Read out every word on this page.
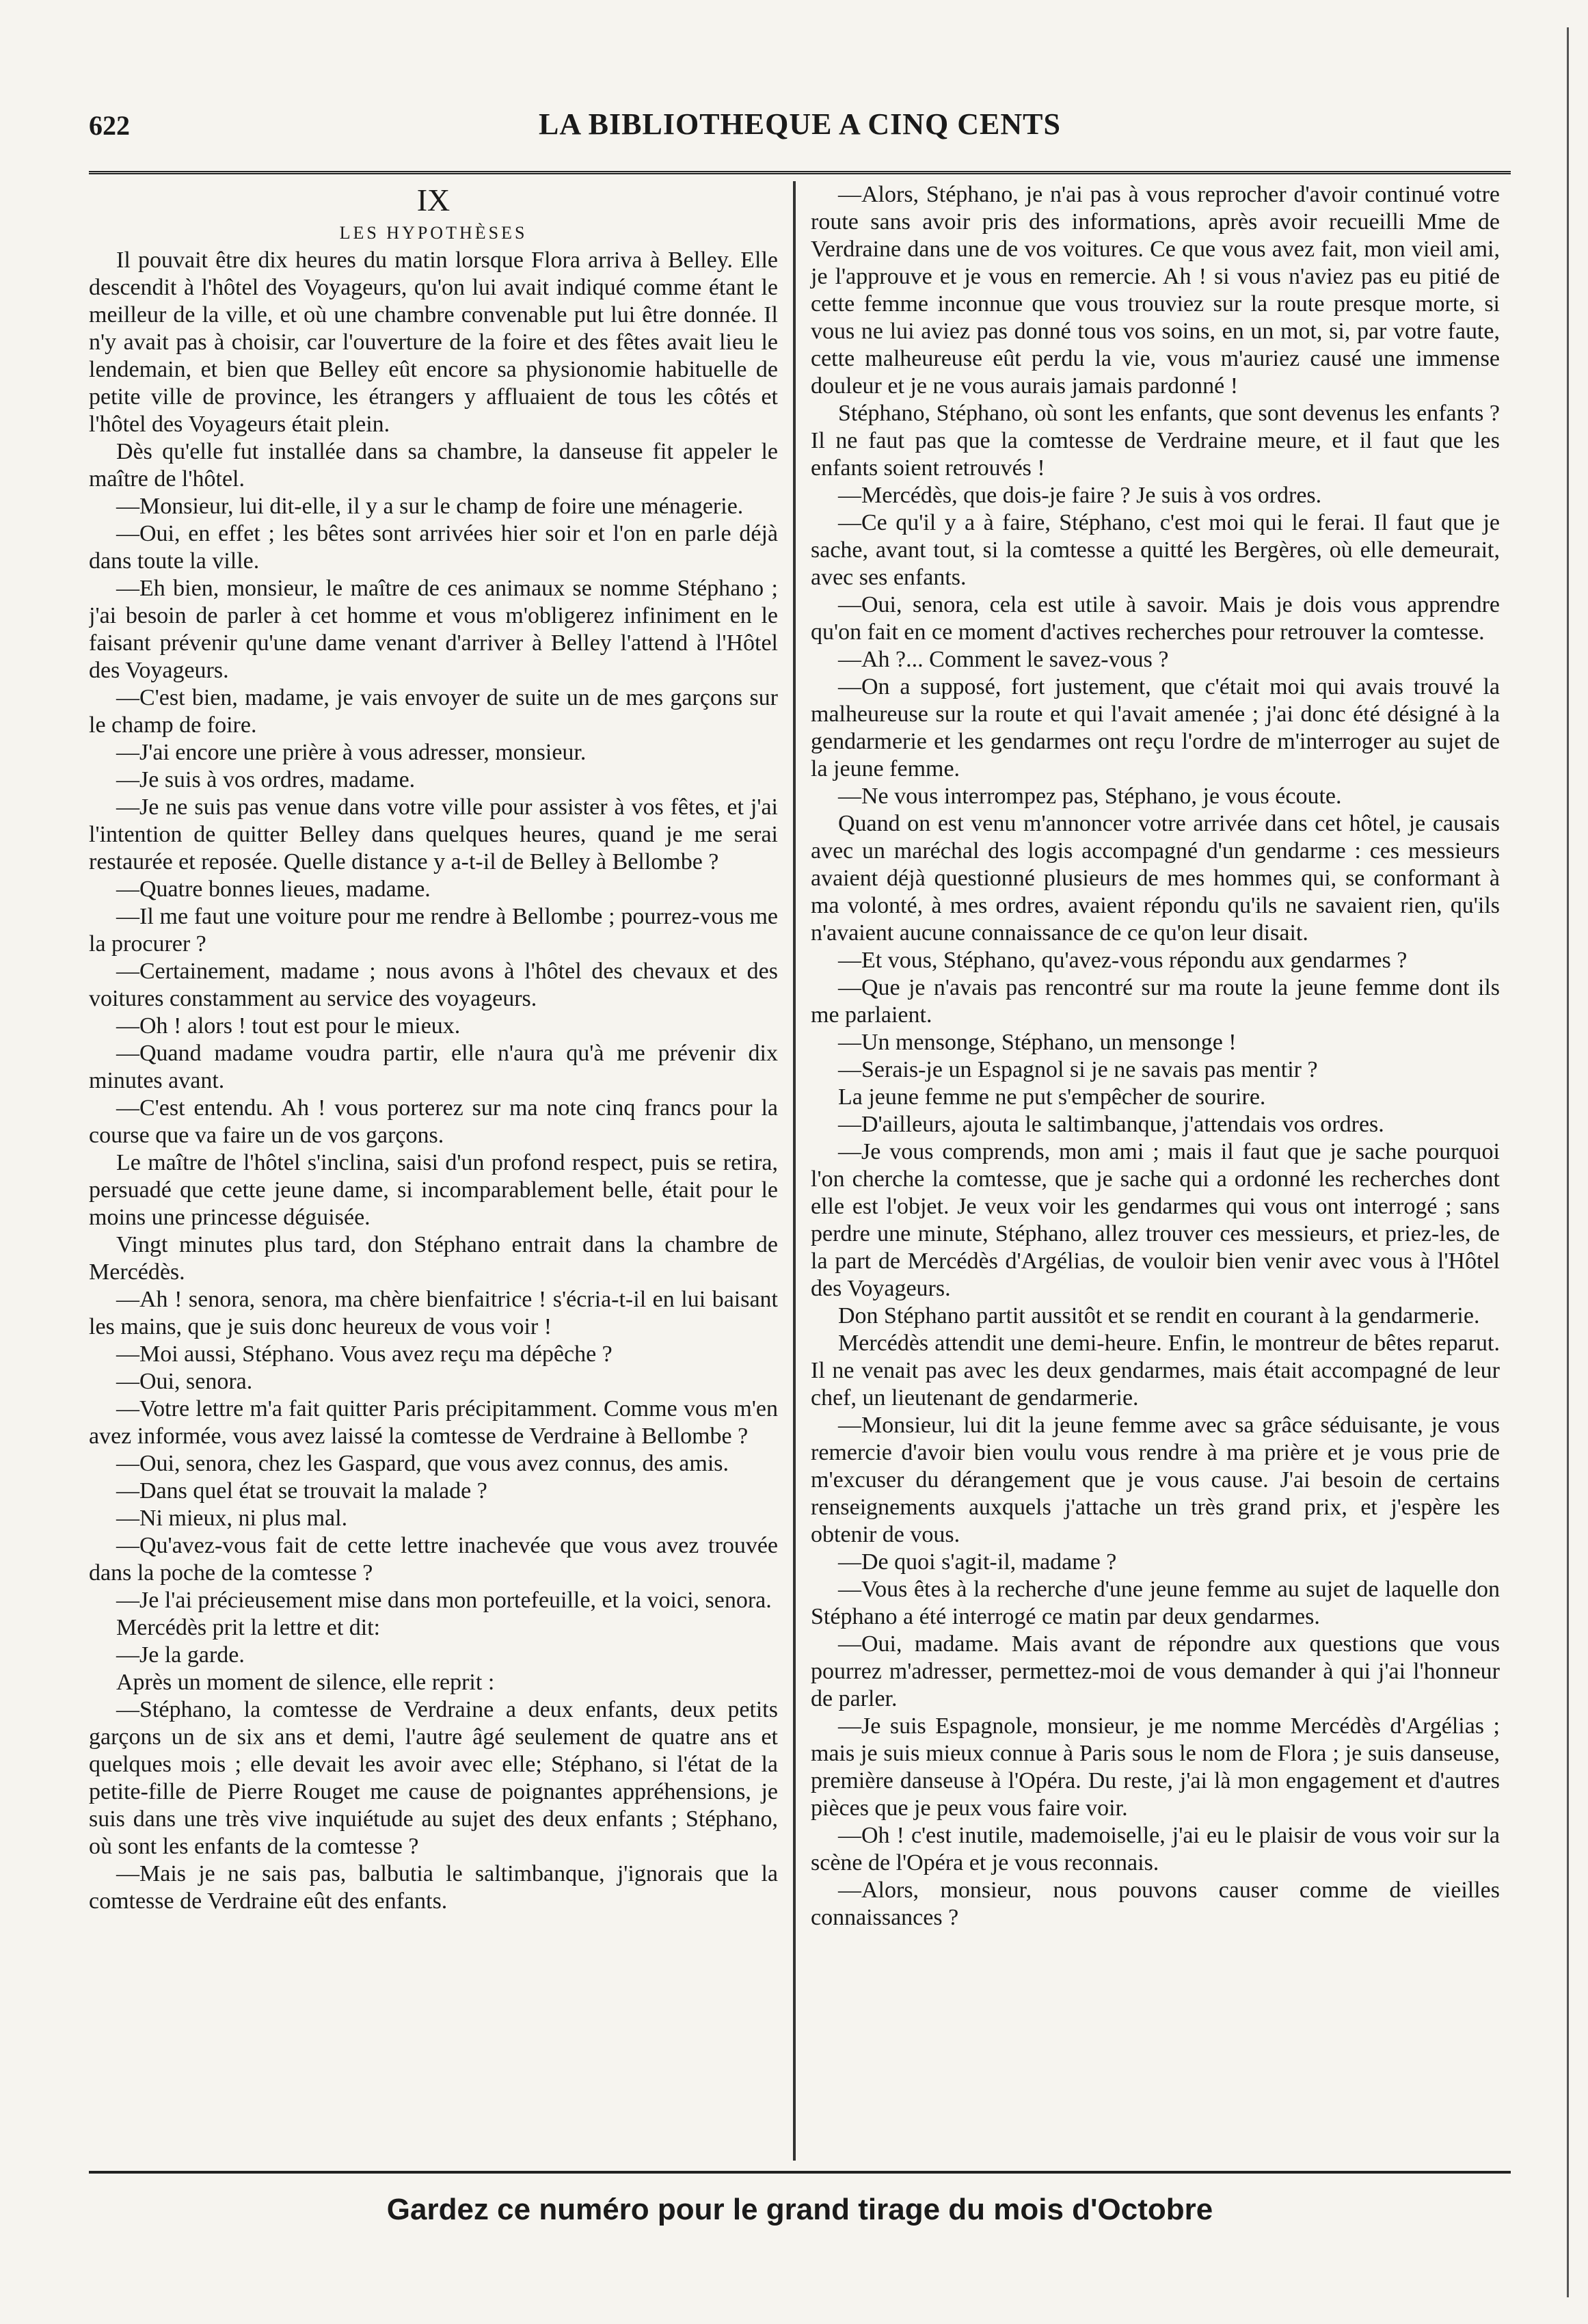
622	LA BIBLIOTHEQUE A CINQ CENTS

IX

LES HYPOTHÈSES

Il pouvait être dix heures du matin lorsque Flora arriva à Belley. Elle descendit à l'hôtel des Voyageurs, qu'on lui avait indiqué comme étant le meilleur de la ville, et où une chambre convenable put lui être donnée. Il n'y avait pas à choisir, car l'ouverture de la foire et des fêtes avait lieu le lendemain, et bien que Belley eût encore sa physionomie habituelle de petite ville de province, les étrangers y affluaient de tous les côtés et l'hôtel des Voyageurs était plein.

Dès qu'elle fut installée dans sa chambre, la danseuse fit appeler le maître de l'hôtel.

—Monsieur, lui dit-elle, il y a sur le champ de foire une ménagerie.

—Oui, en effet ; les bêtes sont arrivées hier soir et l'on en parle déjà dans toute la ville.

—Eh bien, monsieur, le maître de ces animaux se nomme Stéphano ; j'ai besoin de parler à cet homme et vous m'obligerez infiniment en le faisant prévenir qu'une dame venant d'arriver à Belley l'attend à l'Hôtel des Voyageurs.

—C'est bien, madame, je vais envoyer de suite un de mes garçons sur le champ de foire.

—J'ai encore une prière à vous adresser, monsieur.

—Je suis à vos ordres, madame.

—Je ne suis pas venue dans votre ville pour assister à vos fêtes, et j'ai l'intention de quitter Belley dans quelques heures, quand je me serai restaurée et reposée. Quelle distance y a-t-il de Belley à Bellombe ?

—Quatre bonnes lieues, madame.

—Il me faut une voiture pour me rendre à Bellombe ; pourrez-vous me la procurer ?

—Certainement, madame ; nous avons à l'hôtel des chevaux et des voitures constamment au service des voyageurs.

—Oh ! alors ! tout est pour le mieux.

—Quand madame voudra partir, elle n'aura qu'à me prévenir dix minutes avant.

—C'est entendu. Ah ! vous porterez sur ma note cinq francs pour la course que va faire un de vos garçons.

Le maître de l'hôtel s'inclina, saisi d'un profond respect, puis se retira, persuadé que cette jeune dame, si incomparablement belle, était pour le moins une princesse déguisée.

Vingt minutes plus tard, don Stéphano entrait dans la chambre de Mercédès.

—Ah ! senora, senora, ma chère bienfaitrice ! s'écria-t-il en lui baisant les mains, que je suis donc heureux de vous voir !

—Moi aussi, Stéphano. Vous avez reçu ma dépêche ?

—Oui, senora.

—Votre lettre m'a fait quitter Paris précipitamment. Comme vous m'en avez informée, vous avez laissé la comtesse de Verdraine à Bellombe ?

—Oui, senora, chez les Gaspard, que vous avez connus, des amis.

—Dans quel état se trouvait la malade ?

—Ni mieux, ni plus mal.

—Qu'avez-vous fait de cette lettre inachevée que vous avez trouvée dans la poche de la comtesse ?

—Je l'ai précieusement mise dans mon portefeuille, et la voici, senora.

Mercédès prit la lettre et dit:

—Je la garde.

Après un moment de silence, elle reprit :

—Stéphano, la comtesse de Verdraine a deux enfants, deux petits garçons un de six ans et demi, l'autre âgé seulement de quatre ans et quelques mois ; elle devait les avoir avec elle; Stéphano, si l'état de la petite-fille de Pierre Rouget me cause de poignantes appréhensions, je suis dans une très vive inquiétude au sujet des deux enfants ; Stéphano, où sont les enfants de la comtesse ?

—Mais je ne sais pas, balbutia le saltimbanque, j'ignorais que la comtesse de Verdraine eût des enfants.

—Alors, Stéphano, je n'ai pas à vous reprocher d'avoir continué votre route sans avoir pris des informations, après avoir recueilli Mme de Verdraine dans une de vos voitures. Ce que vous avez fait, mon vieil ami, je l'approuve et je vous en remercie. Ah ! si vous n'aviez pas eu pitié de cette femme inconnue que vous trouviez sur la route presque morte, si vous ne lui aviez pas donné tous vos soins, en un mot, si, par votre faute, cette malheureuse eût perdu la vie, vous m'auriez causé une immense douleur et je ne vous aurais jamais pardonné !

Stéphano, Stéphano, où sont les enfants, que sont devenus les enfants ? Il ne faut pas que la comtesse de Verdraine meure, et il faut que les enfants soient retrouvés !

—Mercédès, que dois-je faire ? Je suis à vos ordres.

—Ce qu'il y a à faire, Stéphano, c'est moi qui le ferai. Il faut que je sache, avant tout, si la comtesse a quitté les Bergères, où elle demeurait, avec ses enfants.

—Oui, senora, cela est utile à savoir. Mais je dois vous apprendre qu'on fait en ce moment d'actives recherches pour retrouver la comtesse.

—Ah ?... Comment le savez-vous ?

—On a supposé, fort justement, que c'était moi qui avais trouvé la malheureuse sur la route et qui l'avait amenée ; j'ai donc été désigné à la gendarmerie et les gendarmes ont reçu l'ordre de m'interroger au sujet de la jeune femme.

—Ne vous interrompez pas, Stéphano, je vous écoute.

Quand on est venu m'annoncer votre arrivée dans cet hôtel, je causais avec un maréchal des logis accompagné d'un gendarme : ces messieurs avaient déjà questionné plusieurs de mes hommes qui, se conformant à ma volonté, à mes ordres, avaient répondu qu'ils ne savaient rien, qu'ils n'avaient aucune connaissance de ce qu'on leur disait.

—Et vous, Stéphano, qu'avez-vous répondu aux gendarmes ?

—Que je n'avais pas rencontré sur ma route la jeune femme dont ils me parlaient.

—Un mensonge, Stéphano, un mensonge !

—Serais-je un Espagnol si je ne savais pas mentir ?

La jeune femme ne put s'empêcher de sourire.

—D'ailleurs, ajouta le saltimbanque, j'attendais vos ordres.

—Je vous comprends, mon ami ; mais il faut que je sache pourquoi l'on cherche la comtesse, que je sache qui a ordonné les recherches dont elle est l'objet. Je veux voir les gendarmes qui vous ont interrogé ; sans perdre une minute, Stéphano, allez trouver ces messieurs, et priez-les, de la part de Mercédès d'Argélias, de vouloir bien venir avec vous à l'Hôtel des Voyageurs.

Don Stéphano partit aussitôt et se rendit en courant à la gendarmerie.

Mercédès attendit une demi-heure. Enfin, le montreur de bêtes reparut. Il ne venait pas avec les deux gendarmes, mais était accompagné de leur chef, un lieutenant de gendarmerie.

—Monsieur, lui dit la jeune femme avec sa grâce séduisante, je vous remercie d'avoir bien voulu vous rendre à ma prière et je vous prie de m'excuser du dérangement que je vous cause. J'ai besoin de certains renseignements auxquels j'attache un très grand prix, et j'espère les obtenir de vous.

—De quoi s'agit-il, madame ?

—Vous êtes à la recherche d'une jeune femme au sujet de laquelle don Stéphano a été interrogé ce matin par deux gendarmes.

—Oui, madame. Mais avant de répondre aux questions que vous pourrez m'adresser, permettez-moi de vous demander à qui j'ai l'honneur de parler.

—Je suis Espagnole, monsieur, je me nomme Mercédès d'Argélias ; mais je suis mieux connue à Paris sous le nom de Flora ; je suis danseuse, première danseuse à l'Opéra. Du reste, j'ai là mon engagement et d'autres pièces que je peux vous faire voir.

—Oh ! c'est inutile, mademoiselle, j'ai eu le plaisir de vous voir sur la scène de l'Opéra et je vous reconnais.

—Alors, monsieur, nous pouvons causer comme de vieilles connaissances ?

Gardez ce numéro pour le grand tirage du mois d'Octobre
